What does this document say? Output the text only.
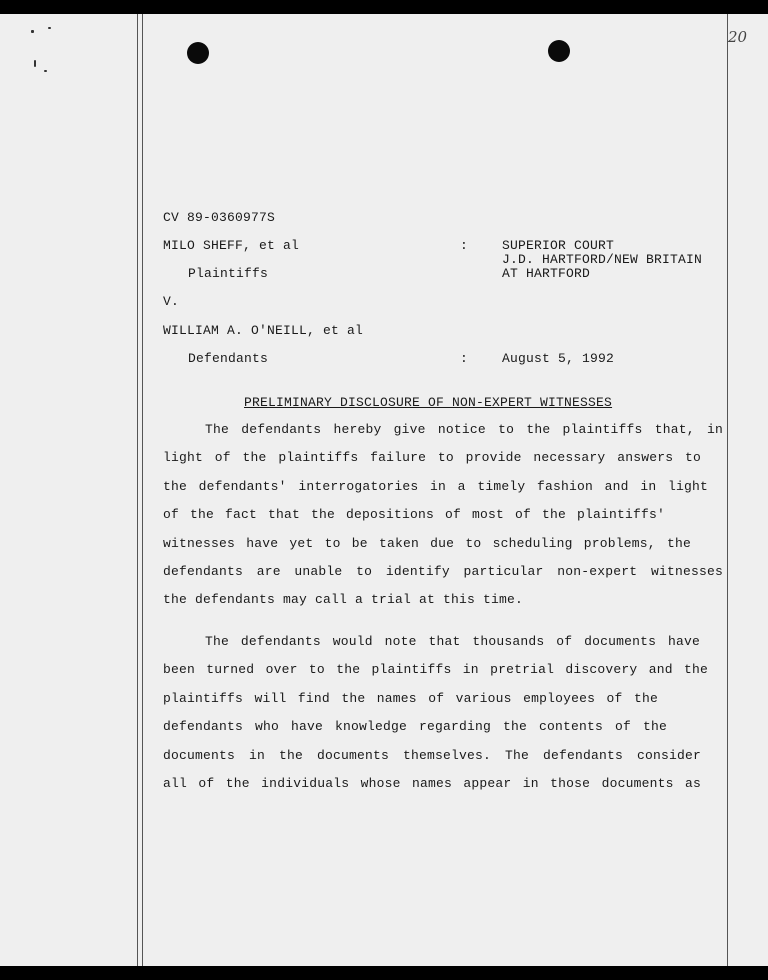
20
CV 89-0360977S
MILO SHEFF, et al
Plaintiffs
V.
WILLIAM A. O'NEILL, et al
Defendants
:
:
SUPERIOR COURT
J.D. HARTFORD/NEW BRITAIN
AT HARTFORD
August 5, 1992
PRELIMINARY DISCLOSURE OF NON-EXPERT WITNESSES
The defendants hereby give notice to the plaintiffs that, in
light of the plaintiffs failure to provide necessary answers to
the defendants' interrogatories in a timely fashion and in light
of the fact that the depositions of most of the plaintiffs'
witnesses have yet to be taken due to scheduling problems, the
defendants are unable to identify particular non-expert witnesses
the defendants may call a trial at this time.
The defendants would note that thousands of documents have
been turned over to the plaintiffs in pretrial discovery and the
plaintiffs will find the names of various employees of the
defendants who have knowledge regarding the contents of the
documents in the documents themselves. The defendants consider
all of the individuals whose names appear in those documents as
